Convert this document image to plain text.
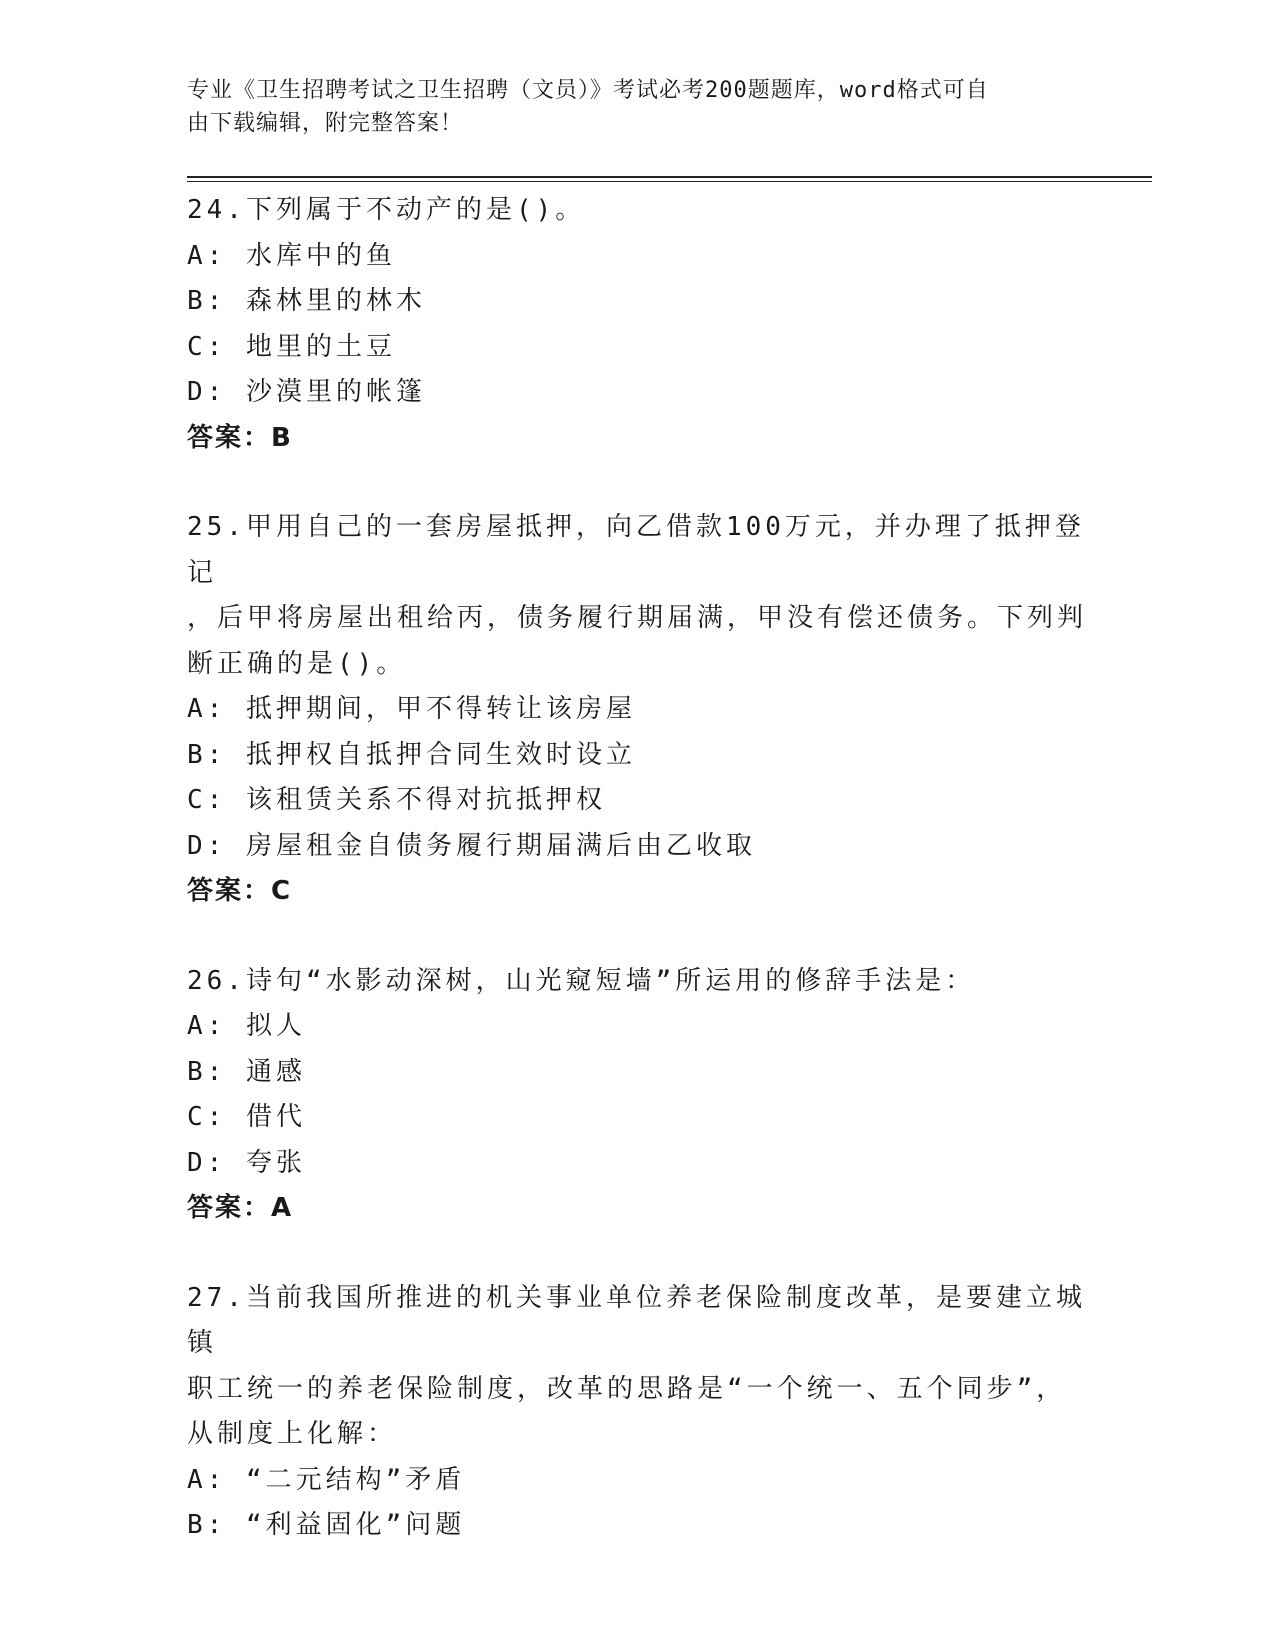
专业《卫生招聘考试之卫生招聘（文员）》考试必考200题题库，word格式可自
由下载编辑，附完整答案！

24.下列属于不动产的是()。

A: 水库中的鱼

B: 森林里的林木

C: 地里的土豆

D: 沙漠里的帐篷

答案：B

25.甲用自己的一套房屋抵押，向乙借款100万元，并办理了抵押登记

，后甲将房屋出租给丙，债务履行期届满，甲没有偿还债务。下列判

断正确的是()。

A: 抵押期间，甲不得转让该房屋

B: 抵押权自抵押合同生效时设立

C: 该租赁关系不得对抗抵押权

D: 房屋租金自债务履行期届满后由乙收取

答案：C

26.诗句“水影动深树，山光窥短墙”所运用的修辞手法是：

A: 拟人

B: 通感

C: 借代

D: 夸张

答案：A

27.当前我国所推进的机关事业单位养老保险制度改革，是要建立城镇

职工统一的养老保险制度，改革的思路是“一个统一、五个同步”，

从制度上化解：

A: “二元结构”矛盾

B: “利益固化”问题
